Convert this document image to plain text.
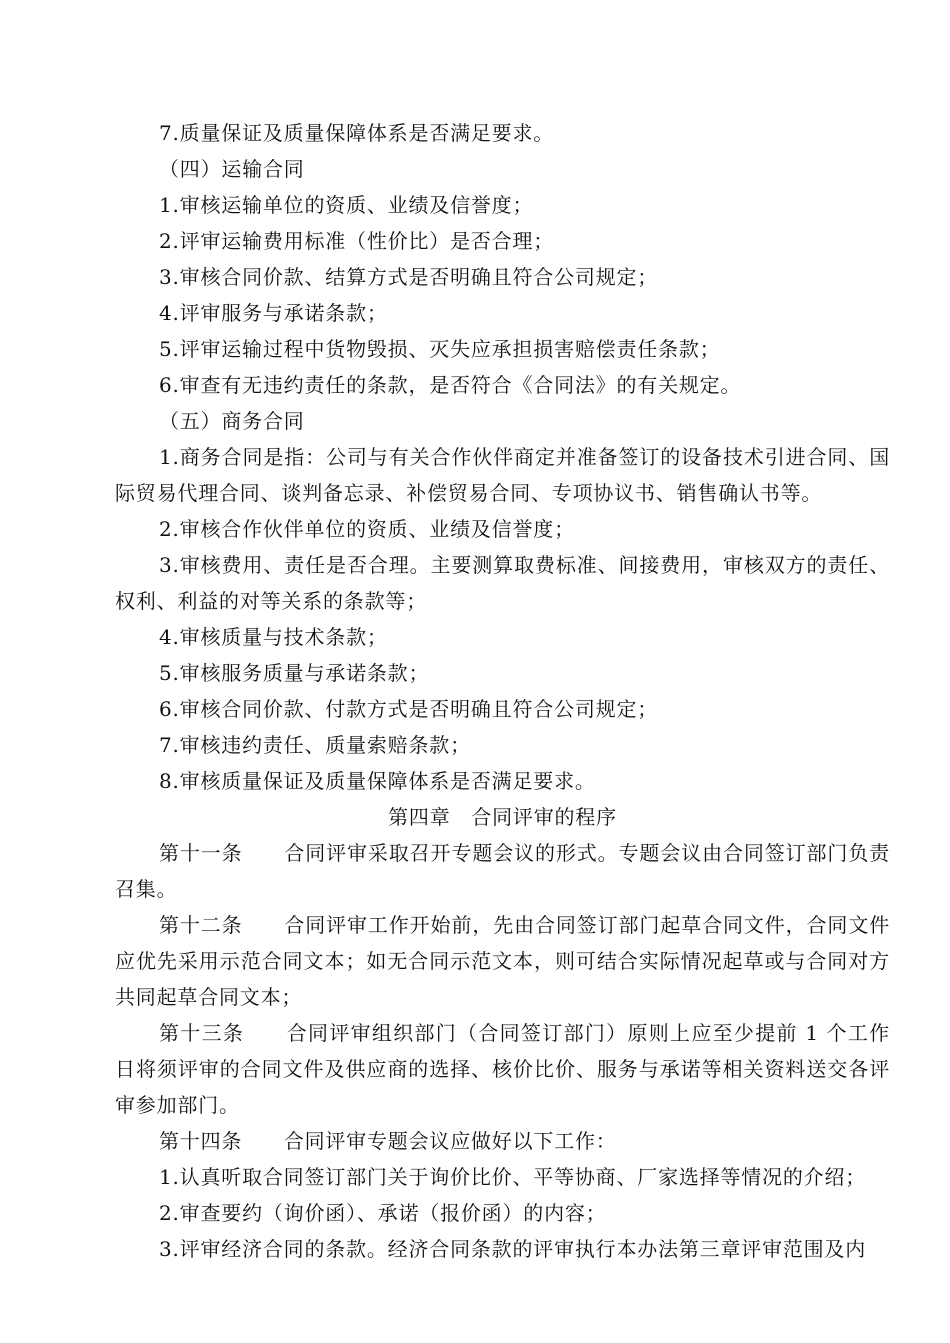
7.质量保证及质量保障体系是否满足要求。

（四）运输合同

1.审核运输单位的资质、业绩及信誉度；

2.评审运输费用标准（性价比）是否合理；

3.审核合同价款、结算方式是否明确且符合公司规定；

4.评审服务与承诺条款；

5.评审运输过程中货物毁损、灭失应承担损害赔偿责任条款；

6.审查有无违约责任的条款，是否符合《合同法》的有关规定。

（五）商务合同

1.商务合同是指：公司与有关合作伙伴商定并准备签订的设备技术引进合同、国际贸易代理合同、谈判备忘录、补偿贸易合同、专项协议书、销售确认书等。

2.审核合作伙伴单位的资质、业绩及信誉度；

3.审核费用、责任是否合理。主要测算取费标准、间接费用，审核双方的责任、权利、利益的对等关系的条款等；

4.审核质量与技术条款；

5.审核服务质量与承诺条款；

6.审核合同价款、付款方式是否明确且符合公司规定；

7.审核违约责任、质量索赔条款；

8.审核质量保证及质量保障体系是否满足要求。

第四章　合同评审的程序

第十一条　　 合同评审采取召开专题会议的形式。专题会议由合同签订部门负责召集。

第十二条　　 合同评审工作开始前，先由合同签订部门起草合同文件，合同文件应优先采用示范合同文本；如无合同示范文本，则可结合实际情况起草或与合同对方共同起草合同文本；

第十三条　　 合同评审组织部门（合同签订部门）原则上应至少提前 1 个工作日将须评审的合同文件及供应商的选择、核价比价、服务与承诺等相关资料送交各评审参加部门。

第十四条　　 合同评审专题会议应做好以下工作：

1.认真听取合同签订部门关于询价比价、平等协商、厂家选择等情况的介绍；

2.审查要约（询价函）、承诺（报价函）的内容；

3.评审经济合同的条款。经济合同条款的评审执行本办法第三章评审范围及内
